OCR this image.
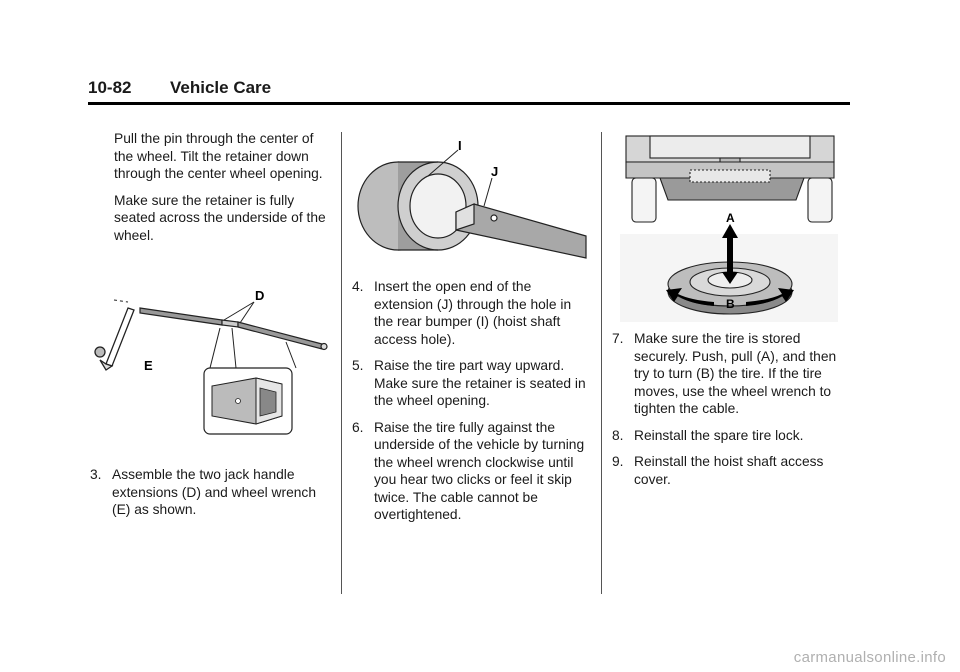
10-82 Vehicle Care

Pull the pin through the center of the wheel. Tilt the retainer down through the center wheel opening.

Make sure the retainer is fully seated across the underside of the wheel.

D
E
3. Assemble the two jack handle extensions (D) and wheel wrench (E) as shown.
I
J
4. Insert the open end of the extension (J) through the hole in the rear bumper (I) (hoist shaft access hole).
5. Raise the tire part way upward. Make sure the retainer is seated in the wheel opening.
6. Raise the tire fully against the underside of the vehicle by turning the wheel wrench clockwise until you hear two clicks or feel it skip twice. The cable cannot be overtightened.
A
B
7. Make sure the tire is stored securely. Push, pull (A), and then try to turn (B) the tire. If the tire moves, use the wheel wrench to tighten the cable.
8. Reinstall the spare tire lock.
9. Reinstall the hoist shaft access cover.
carmanualsonline.info
